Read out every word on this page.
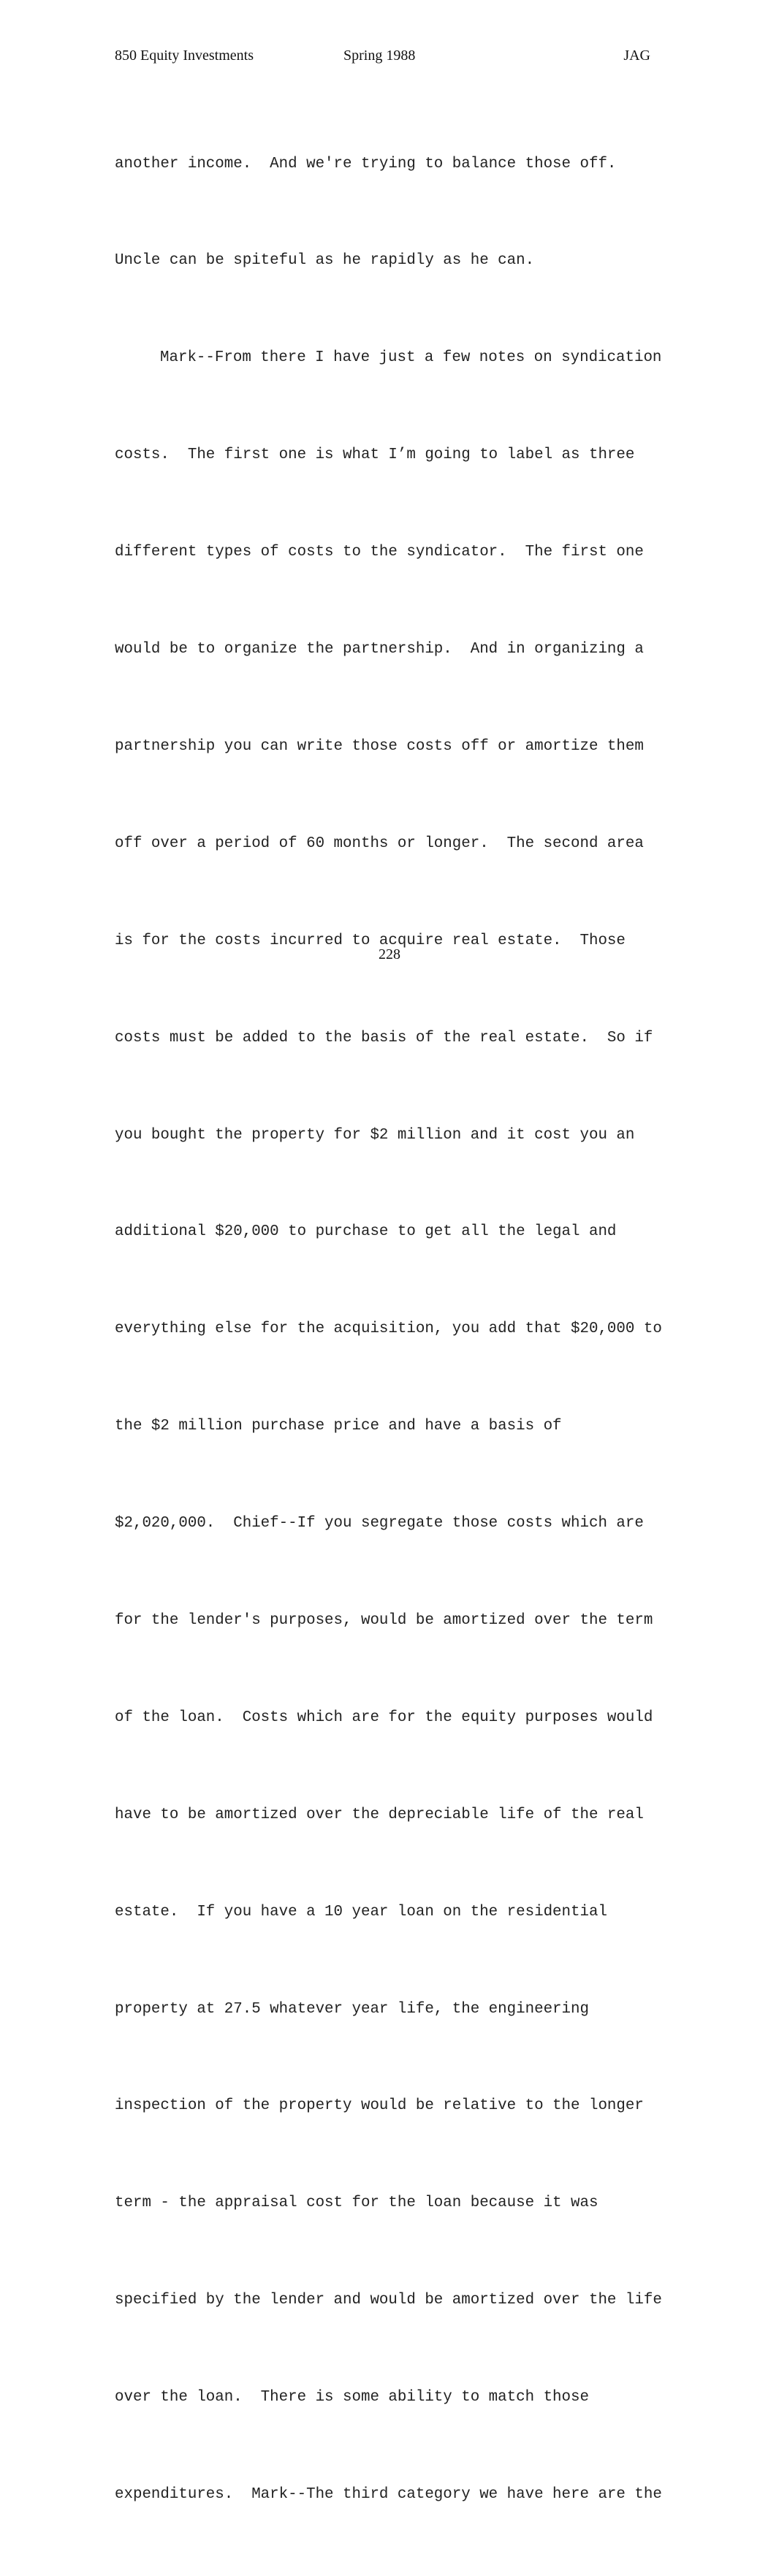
850 Equity Investments	Spring 1988	JAG

another income.  And we're trying to balance those off.

Uncle can be spiteful as he rapidly as he can.

Mark--From there I have just a few notes on syndication

costs.  The first one is what I’m going to label as three

different types of costs to the syndicator.  The first one

would be to organize the partnership.  And in organizing a

partnership you can write those costs off or amortize them

off over a period of 60 months or longer.  The second area

is for the costs incurred to acquire real estate.  Those

costs must be added to the basis of the real estate.  So if

you bought the property for $2 million and it cost you an

additional $20,000 to purchase to get all the legal and

everything else for the acquisition, you add that $20,000 to

the $2 million purchase price and have a basis of

$2,020,000.  Chief--If you segregate those costs which are

for the lender's purposes, would be amortized over the term

of the loan.  Costs which are for the equity purposes would

have to be amortized over the depreciable life of the real

estate.  If you have a 10 year loan on the residential

property at 27.5 whatever year life, the engineering

inspection of the property would be relative to the longer

term - the appraisal cost for the loan because it was

specified by the lender and would be amortized over the life

over the loan.  There is some ability to match those

expenditures.  Mark--The third category we have here are the

228
